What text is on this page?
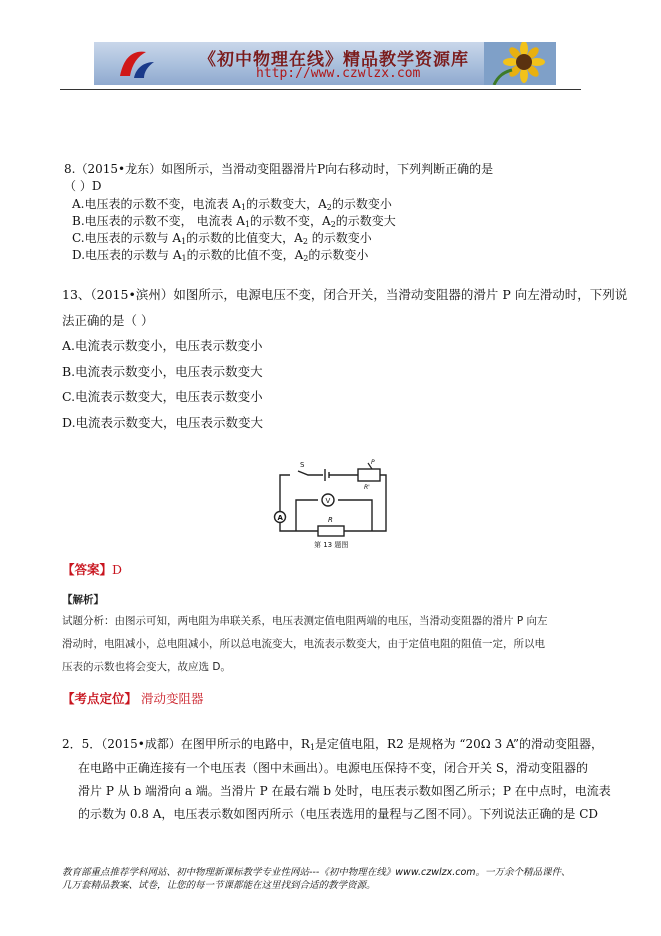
《初中物理在线》精品教学资源库
http://www.czwlzx.com
8.（2015•龙东）如图所示，当滑动变阻器滑片P向右移动时，下列判断正确的是
（ ）D
A.电压表的示数不变，电流表 $A_1$的示数变大，$A_2$的示数变小
B.电压表的示数不变， 电流表 $A_1$的示数不变，$A_2$的示数变大
C.电压表的示数与 $A_1$的示数的比值变大，$A_2$ 的示数变小
D.电压表的示数与 $A_1$的示数的比值不变，$A_2$的示数变小
13、（2015•滨州）如图所示，电源电压不变，闭合开关，当滑动变阻器的滑片 P 向左滑动时，下列说
法正确的是（ ）
A.电流表示数变小，电压表示数变小
B.电流表示数变小，电压表示数变大
C.电流表示数变大，电压表示数变小
D.电流表示数变大，电压表示数变大
A
V
S	P
R'
R
第 13 题图
【答案】D
【解析】
试题分析：由图示可知，两电阻为串联关系，电压表测定值电阻两端的电压，当滑动变阻器的滑片 P 向左
滑动时，电阻减小，总电阻减小，所以总电流变大，电流表示数变大，由于定值电阻的阻值一定，所以电
压表的示数也将会变大，故应选 D。
【考点定位】 滑动变阻器
2．5．（2015•成都）在图甲所示的电路中，$R_1$是定值电阻，R2 是规格为 “20Ω 3 A”的滑动变阻器，
在电路中正确连接有一个电压表（图中未画出）。电源电压保持不变，闭合开关 S，滑动变阻器的
滑片 P 从 b 端滑向 a 端。当滑片 P 在最右端 b 处时，电压表示数如图乙所示；P 在中点时，电流表
的示数为 0.8 A，电压表示数如图丙所示（电压表选用的量程与乙图不同）。下列说法正确的是 CD
教育部重点推荐学科网站、初中物理新课标教学专业性网站---《初中物理在线》www.czwlzx.com。一万余个精品课件、
几万套精品教案、试卷，让您的每一节课都能在这里找到合适的教学资源。
